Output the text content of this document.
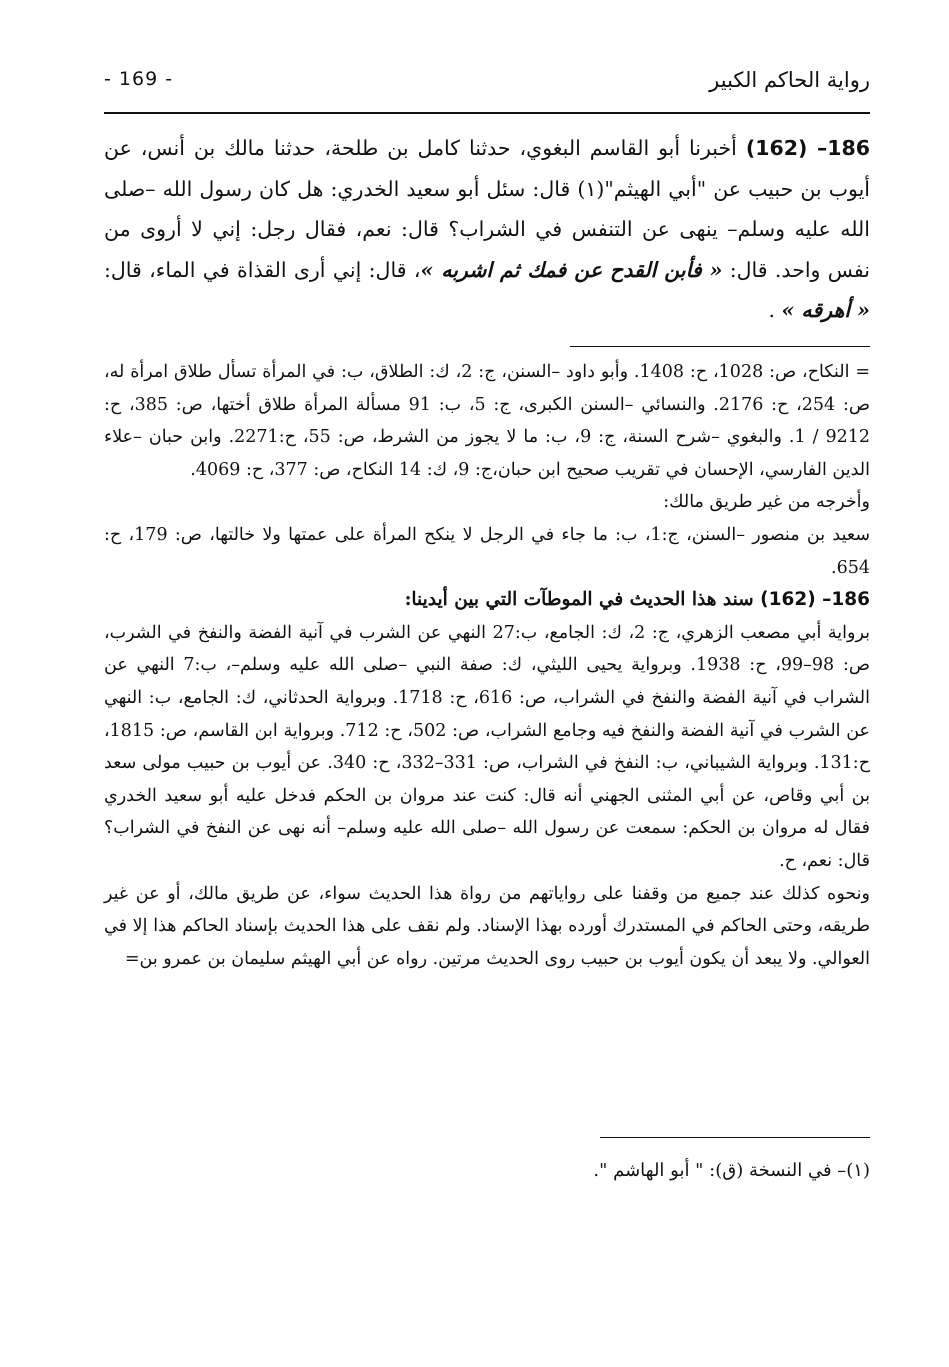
- 169 -	رواية الحاكم الكبير

186– (162) أخبرنا أبو القاسم البغوي، حدثنا كامل بن طلحة، حدثنا مالك بن أنس، عن أيوب بن حبيب عن "أبي الهيثم"(١) قال: سئل أبو سعيد الخدري: هل كان رسول الله –صلى الله عليه وسلم– ينهى عن التنفس في الشراب؟ قال: نعم، فقال رجل: إني لا أروى من نفس واحد. قال: « فأبن القدح عن فمك ثم اشربه »، قال: إني أرى القذاة في الماء، قال: « أهرقه » .

= النكاح، ص: 1028، ح: 1408. وأبو داود –السنن، ج: 2، ك: الطلاق، ب: في المرأة تسأل طلاق امرأة له، ص: 254، ح: 2176. والنسائي –السنن الكبرى، ج: 5، ب: 91 مسألة المرأة طلاق أختها، ص: 385، ح: 9212 / 1. والبغوي –شرح السنة، ج: 9، ب: ما لا يجوز من الشرط، ص: 55، ح:2271. وابن حبان –علاء الدين الفارسي، الإحسان في تقريب صحيح ابن حبان،ج: 9، ك: 14 النكاح، ص: 377، ح: 4069.

وأخرجه من غير طريق مالك:

سعيد بن منصور –السنن، ج:1، ب: ما جاء في الرجل لا ينكح المرأة على عمتها ولا خالتها، ص: 179، ح: 654.

186– (162) سند هذا الحديث في الموطآت التي بين أيدينا:

برواية أبي مصعب الزهري، ج: 2، ك: الجامع، ب:27 النهي عن الشرب في آنية الفضة والنفخ في الشرب، ص: 98–99، ح: 1938. وبرواية يحيى الليثي، ك: صفة النبي –صلى الله عليه وسلم–، ب:7 النهي عن الشراب في آنية الفضة والنفخ في الشراب، ص: 616، ح: 1718. وبرواية الحدثاني، ك: الجامع، ب: النهي عن الشرب في آنية الفضة والنفخ فيه وجامع الشراب، ص: 502، ح: 712. وبرواية ابن القاسم، ص: 1815، ح:131. وبرواية الشيباني، ب: النفخ في الشراب، ص: 331–332، ح: 340. عن أيوب بن حبيب مولى سعد بن أبي وقاص، عن أبي المثنى الجهني أنه قال: كنت عند مروان بن الحكم فدخل عليه أبو سعيد الخدري فقال له مروان بن الحكم: سمعت عن رسول الله –صلى الله عليه وسلم– أنه نهى عن النفخ في الشراب؟ قال: نعم، ح.

ونحوه كذلك عند جميع من وقفنا على رواياتهم من رواة هذا الحديث سواء، عن طريق مالك، أو عن غير طريقه، وحتى الحاكم في المستدرك أورده بهذا الإسناد. ولم نقف على هذا الحديث بإسناد الحاكم هذا إلا في العوالي. ولا يبعد أن يكون أيوب بن حبيب روى الحديث مرتين. رواه عن أبي الهيثم سليمان بن عمرو بن=

(١)– في النسخة (ق): " أبو الهاشم ".
